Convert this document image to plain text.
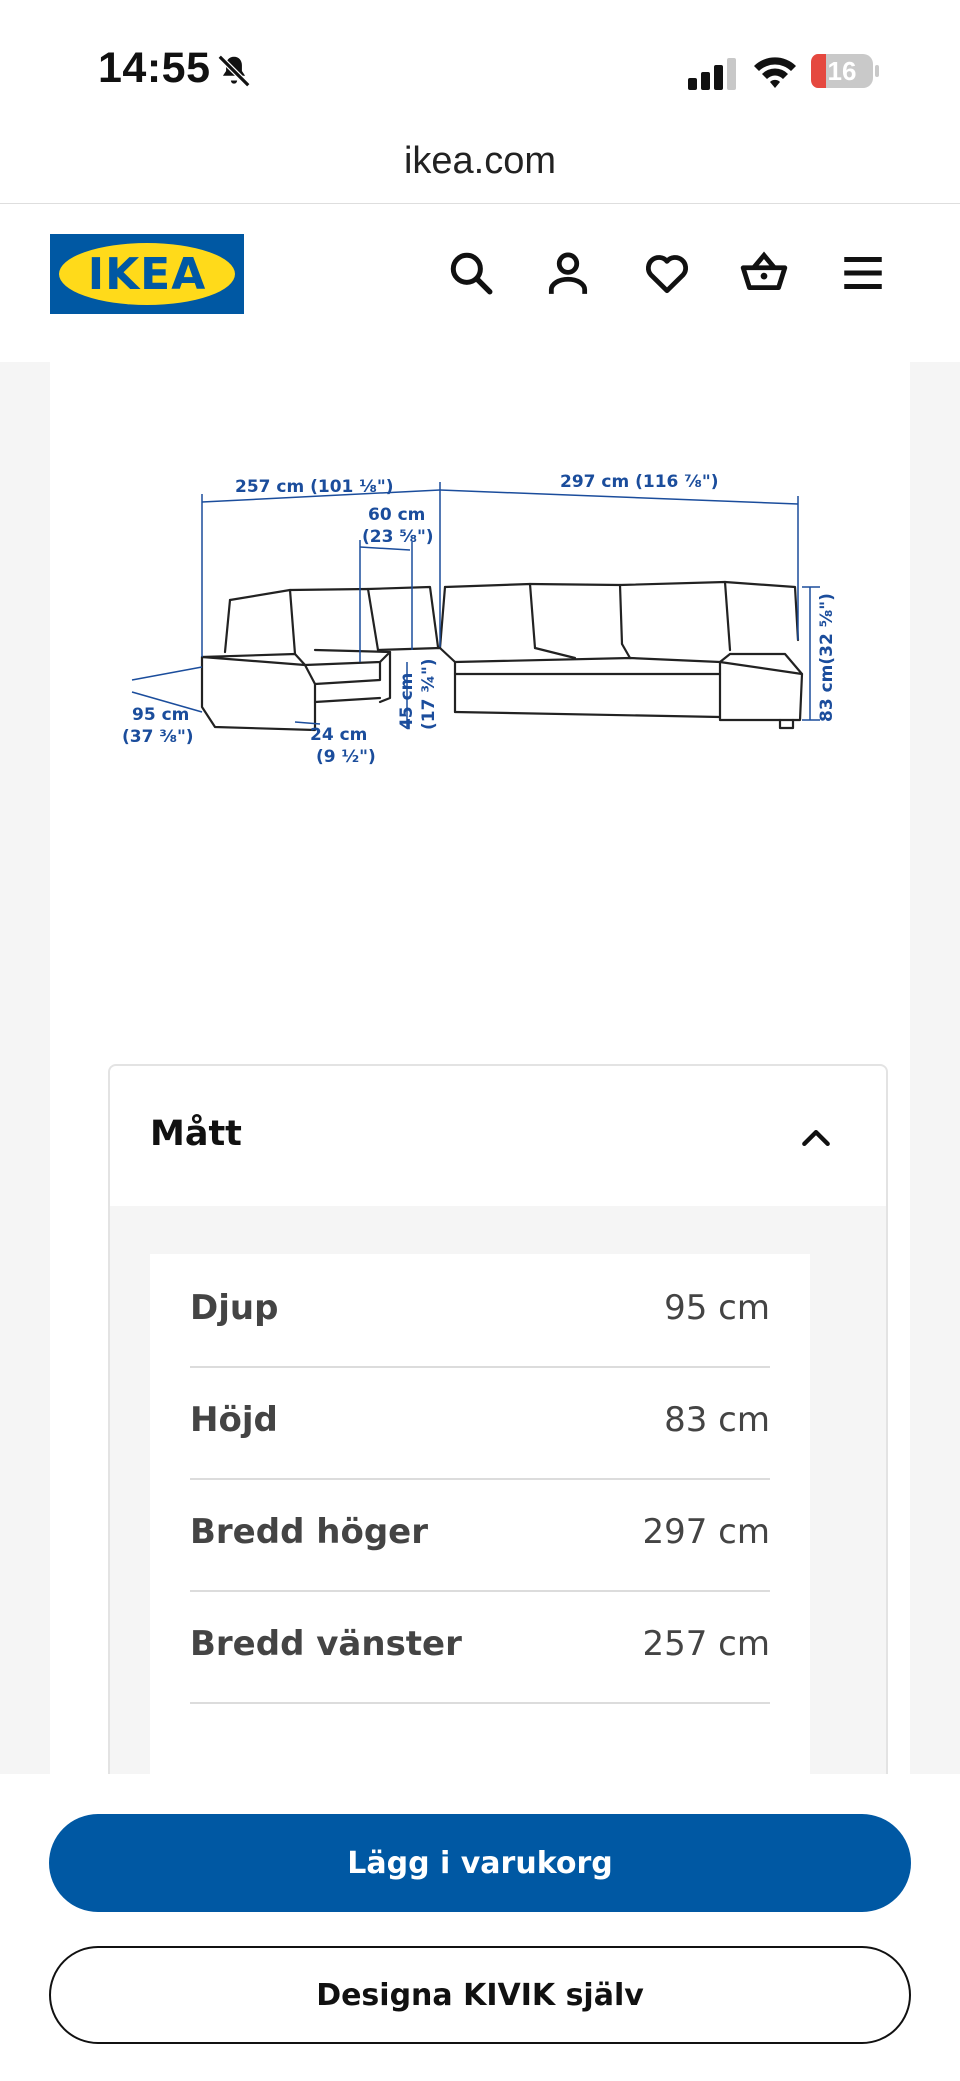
14:55	16
ikea.com
IKEA
257 cm (101 ⅛")	297 cm (116 ⅞")
60 cm
(23 ⅝")
83 cm(32 ⅝")
45 cm (17 ¾")
95 cm
(37 ⅜")	24 cm
(9 ½")
Mått
Djup	95 cm
Höjd	83 cm
Bredd höger	297 cm
Bredd vänster	257 cm
Lägg i varukorg
Designa KIVIK själv
